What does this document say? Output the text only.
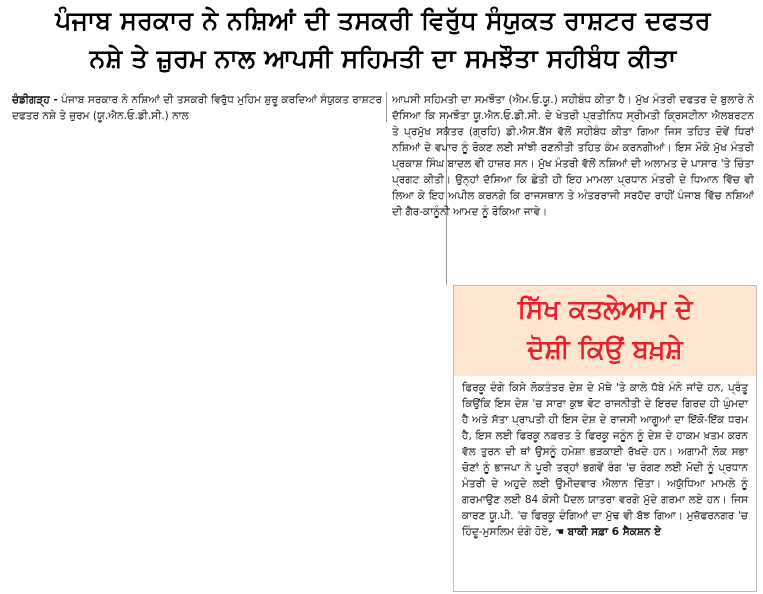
ਪੰਜਾਬ ਸਰਕਾਰ ਨੇ ਨਸ਼ਿਆਂ ਦੀ ਤਸਕਰੀ ਵਿਰੁੱਧ ਸੰਯੁਕਤ ਰਾਸ਼ਟਰ ਦਫਤਰ
ਨਸ਼ੇ ਤੇ ਜ਼ੁਰਮ ਨਾਲ ਆਪਸੀ ਸਹਿਮਤੀ ਦਾ ਸਮਝੌਤਾ ਸਹੀਬੰਧ ਕੀਤਾ
ਚੰਡੀਗੜ੍ਹ - ਪੰਜਾਬ ਸਰਕਾਰ ਨੇ ਨਸ਼ਿਆਂ ਦੀ ਤਸਕਰੀ ਵਿਰੁੱਧ ਮੁਹਿਮ ਸ਼ੁਰੂ ਕਰਦਿਆਂ ਸੰਯੁਕਤ ਰਾਸ਼ਟਰ ਦਫਤਰ ਨਸ਼ੇ ਤੇ ਜ਼ੁਰਮ (ਯੂ.ਐਨ.ਓ.ਡੀ.ਸੀ.) ਨਾਲ
ਆਪਸੀ ਸਹਿਮਤੀ ਦਾ ਸਮਝੌਤਾ (ਐਮ.ਓ.ਯੂ.) ਸਹੀਬੰਧ ਕੀਤਾ ਹੈ। ਮੁੱਖ ਮੰਤਰੀ ਦਫਤਰ ਦੇ ਬੁਲਾਰੇ ਨੇ ਦੱਸਿਆ ਕਿ ਸਮਝੌਤਾ ਯੂ.ਐਨ.ਓ.ਡੀ.ਸੀ. ਦੇ ਖੇਤਰੀ ਪ੍ਰਤੀਨਿਧ ਸ੍ਰੀਮਤੀ ਕ੍ਰਿਸਟੀਨਾ ਐਲਬਰਟਨ ਤੇ ਪ੍ਰਮੁੱਖ ਸਕੱਤਰ (ਗ੍ਰਹਿ) ਡੀ.ਐਸ.ਬੈਂਸ ਵੱਲੋਂ ਸਹੀਬੰਧ ਕੀਤਾ ਗਿਆ ਜਿਸ ਤਹਿਤ ਦੋਵੇਂ ਧਿਰਾਂ ਨਸ਼ਿਆਂ ਦੇ ਵਪਾਰ ਨੂੰ ਰੋਕਣ ਲਈ ਸਾਂਝੀ ਰਣਨੀਤੀ ਤਹਿਤ ਕੰਮ ਕਰਨਗੀਆਂ। ਇਸ ਮੌਕੇ ਮੁੱਖ ਮੰਤਰੀ ਪ੍ਰਕਾਸ਼ ਸਿੰਘ ਬਾਦਲ ਵੀ ਹਾਜ਼ਰ ਸਨ। ਮੁੱਖ ਮੰਤਰੀ ਵੱਲੋਂ ਨਸ਼ਿਆਂ ਦੀ ਅਲਾਮਤ ਦੇ ਪਾਸਾਰ 'ਤੇ ਚਿੰਤਾ ਪ੍ਰਗਟ ਕੀਤੀ। ਉਨ੍ਹਾਂ ਦੱਸਿਆ ਕਿ ਛੇਤੀ ਹੀ ਇਹ ਮਾਮਲਾ ਪ੍ਰਧਾਨ ਮੰਤਰੀ ਦੇ ਧਿਆਨ ਵਿੱਚ ਵੀ ਲਿਆ ਕੇ ਇਹ ਅਪੀਲ ਕਰਨਗੇ ਕਿ ਰਾਜਸਥਾਨ ਤੇ ਅੰਤਰਰਾਜੀ ਸਰਹੱਦ ਰਾਹੀਂ ਪੰਜਾਬ ਵਿੱਚ ਨਸ਼ਿਆਂ ਦੀ ਗੈਰ-ਕਾਨੂੰਨੀ ਆਮਦ ਨੂੰ ਰੋਕਿਆ ਜਾਵੇ।
ਸਿੱਖ ਕਤਲੇਆਮ ਦੇ
ਦੋਸ਼ੀ ਕਿਉਂ ਬਖ਼ਸ਼ੇ
ਫਿਰਕੂ ਦੰਗੇ ਕਿਸੇ ਲੋਕਤੰਤਰ ਦੇਸ਼ ਦੇ ਮੱਥੇ 'ਤੇ ਕਾਲੇ ਧੱਬੇ ਮੰਨੇ ਜਾਂਦੇ ਹਨ, ਪ੍ਰੰਤੂ ਕਿਉਂਕਿ ਇਸ ਦੇਸ਼ 'ਚ ਸਾਰਾ ਕੁਝ ਵੋਟ ਰਾਜਨੀਤੀ ਦੇ ਇਰਦ ਗਿਰਦ ਹੀ ਘੁੰਮਦਾ ਹੈ ਅਤੇ ਸੱਤਾ ਪ੍ਰਾਪਤੀ ਹੀ ਇਸ ਦੇਸ਼ ਦੇ ਰਾਜਸੀ ਆਗੂਆਂ ਦਾ ਇੱਕੋ-ਇੱਕ ਧਰਮ ਹੈ, ਇਸ ਲਈ ਫਿਰਕੂ ਨਫ਼ਰਤ ਤੇ ਫਿਰਕੂ ਜਨੂੰਨ ਨੂੰ ਦੇਸ਼ ਦੇ ਹਾਕਮ ਖ਼ਤਮ ਕਰਨ ਵੱਲ ਤੁਰਨ ਦੀ ਥਾਂ ਉਸਨੂੰ ਹਮੇਸ਼ਾ ਭੜਕਾਈ ਰੱਖਦੇ ਹਨ। ਅਗਾਮੀ ਲੋਕ ਸਭਾ ਚੋਣਾਂ ਨੂੰ ਭਾਜਪਾ ਨੇ ਪੂਰੀ ਤਰ੍ਹਾਂ ਭਗਵੇਂ ਰੰਗ 'ਚ ਰੰਗਣ ਲਈ ਮੋਦੀ ਨੂੰ ਪ੍ਰਧਾਨ ਮੰਤਰੀ ਦੇ ਅਹੁਦੇ ਲਈ ਉਮੀਦਵਾਰ ਐਲਾਨ ਦਿੱਤਾ। ਅਯੁੱਧਿਆ ਮਾਮਲੇ ਨੂੰ ਗਰਮਾਉਣ ਲਈ 84 ਕੋਸੀ ਪੈਦਲ ਯਾਤਰਾ ਵਰਗੇ ਮੁੱਦੇ ਗਰਮਾ ਲਏ ਹਨ। ਜਿਸ ਕਾਰਣ ਯੂ.ਪੀ. 'ਚ ਫਿਰਕੂ ਦੰਗਿਆਂ ਦਾ ਮੁੱਢ ਵੀ ਬੱਝ ਗਿਆ। ਮੁਜ਼ੱਫਰਨਗਰ 'ਚ ਹਿੰਦੂ-ਮੁਸਲਿਮ ਦੰਗੇ ਹੋਏ, ☚ ਬਾਕੀ ਸਫ਼ਾ 6 ਸੈਕਸ਼ਨ ਏ
